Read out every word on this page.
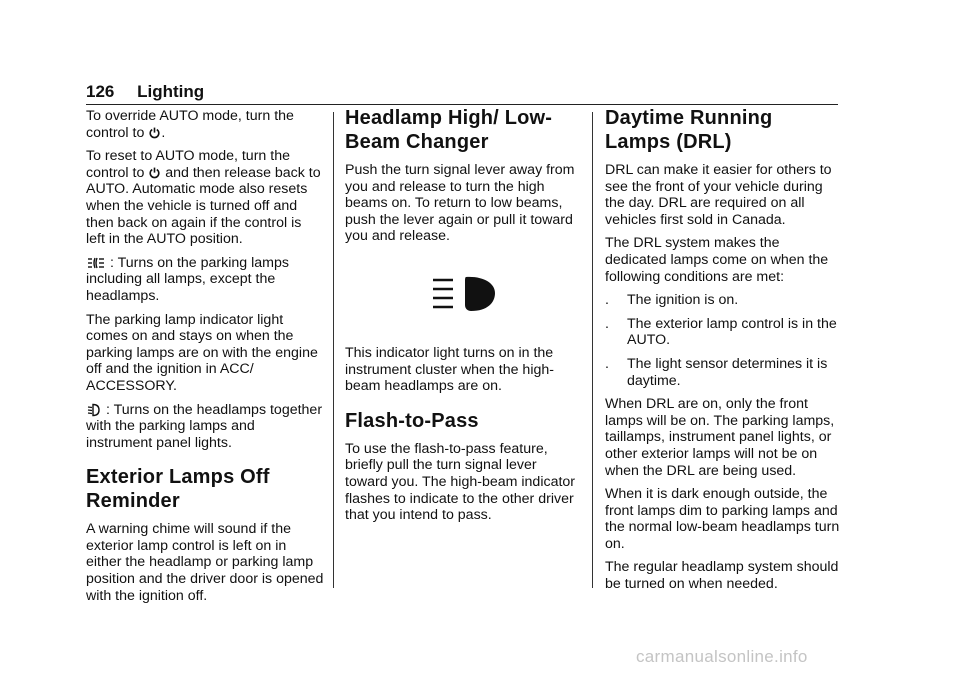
126 Lighting

To override AUTO mode, turn the control to .

To reset to AUTO mode, turn the control to  and then release back to AUTO. Automatic mode also resets when the vehicle is turned off and then back on again if the control is left in the AUTO position.

: Turns on the parking lamps including all lamps, except the headlamps.

The parking lamp indicator light comes on and stays on when the parking lamps are on with the engine off and the ignition in ACC/ ACCESSORY.

: Turns on the headlamps together with the parking lamps and instrument panel lights.

Exterior Lamps Off Reminder

A warning chime will sound if the exterior lamp control is left on in either the headlamp or parking lamp position and the driver door is opened with the ignition off.

Headlamp High/ Low-Beam Changer

Push the turn signal lever away from you and release to turn the high beams on. To return to low beams, push the lever again or pull it toward you and release.

This indicator light turns on in the instrument cluster when the high-beam headlamps are on.

Flash-to-Pass

To use the flash-to-pass feature, briefly pull the turn signal lever toward you. The high-beam indicator flashes to indicate to the other driver that you intend to pass.

Daytime Running Lamps (DRL)

DRL can make it easier for others to see the front of your vehicle during the day. DRL are required on all vehicles first sold in Canada.

The DRL system makes the dedicated lamps come on when the following conditions are met:

.	The ignition is on.
.	The exterior lamp control is in the AUTO.
.	The light sensor determines it is daytime.

When DRL are on, only the front lamps will be on. The parking lamps, taillamps, instrument panel lights, or other exterior lamps will not be on when the DRL are being used.

When it is dark enough outside, the front lamps dim to parking lamps and the normal low-beam headlamps turn on.

The regular headlamp system should be turned on when needed.

carmanualsonline.info
